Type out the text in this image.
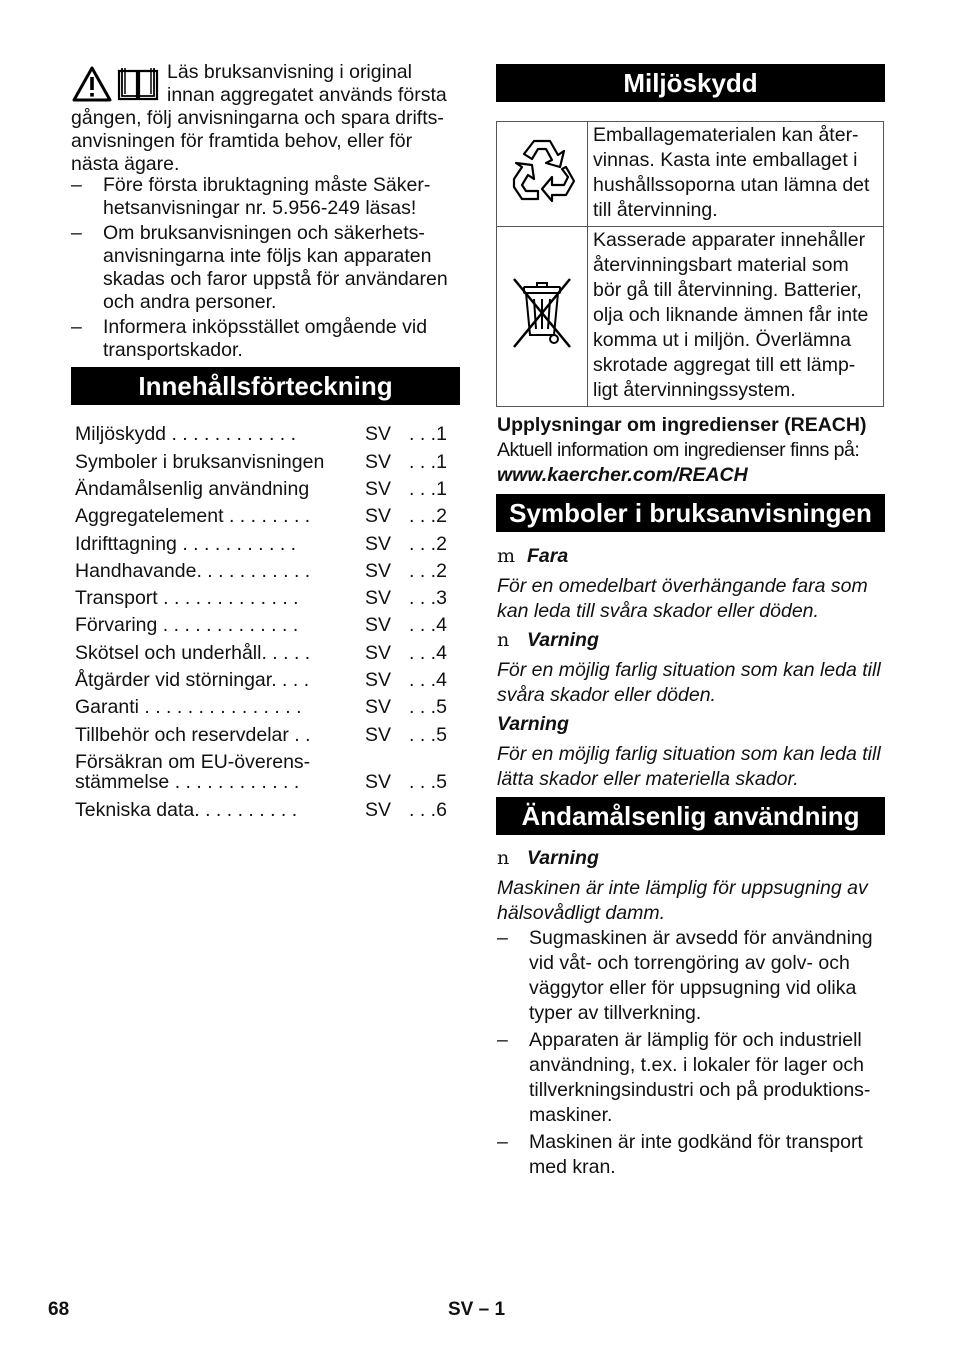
Läs bruksanvisning i original
innan aggregatet används första
gången, följ anvisningarna och spara drifts-anvisningen för framtida behov, eller för nästa ägare.
– Före första ibruktagning måste Säker-hetsanvisningar nr. 5.956-249 läsas!
– Om bruksanvisningen och säkerhets-anvisningarna inte följs kan apparaten skadas och faror uppstå för användaren och andra personer.
– Informera inköpsstället omgående vid transportskador.
Innehållsförteckning
Miljöskydd . . . . . . . . . . . .	SV . . .1
Symboler i bruksanvisningen SV . . .1
Ändamålsenlig användning	SV . . .1
Aggregatelement . . . . . . . .	SV . . .2
Idrifttagning . . . . . . . . . . .	SV . . .2
Handhavande. . . . . . . . . . .	SV . . .2
Transport . . . . . . . . . . . . .	SV . . .3
Förvaring . . . . . . . . . . . . .	SV . . .4
Skötsel och underhåll. . . . .	SV . . .4
Åtgärder vid störningar. . . .	SV . . .4
Garanti . . . . . . . . . . . . . . .	SV . . .5
Tillbehör och reservdelar . .	SV . . .5
Försäkran om EU-överens-
stämmelse . . . . . . . . . . . .	SV . . .5
Tekniska data. . . . . . . . . .	SV . . .6
Miljöskydd
	Emballagematerialen kan åter-vinnas. Kasta inte emballaget i hushållssoporna utan lämna det till återvinning.
	Kasserade apparater innehåller återvinningsbart material som bör gå till återvinning. Batterier, olja och liknande ämnen får inte komma ut i miljön. Överlämna skrotade aggregat till ett lämp-ligt återvinningssystem.
Upplysningar om ingredienser (REACH)
Aktuell information om ingredienser finns på:
www.kaercher.com/REACH
Symboler i bruksanvisningen
m Fara
För en omedelbart överhängande fara som kan leda till svåra skador eller döden.
n Varning
För en möjlig farlig situation som kan leda till svåra skador eller döden.
Varning
För en möjlig farlig situation som kan leda till lätta skador eller materiella skador.
Ändamålsenlig användning
n Varning
Maskinen är inte lämplig för uppsugning av hälsovådligt damm.
– Sugmaskinen är avsedd för användning vid våt- och torrengöring av golv- och väggytor eller för uppsugning vid olika typer av tillverkning.
– Apparaten är lämplig för och industriell användning, t.ex. i lokaler för lager och tillverkningsindustri och på produktions-maskiner.
– Maskinen är inte godkänd för transport med kran.
68	SV – 1
